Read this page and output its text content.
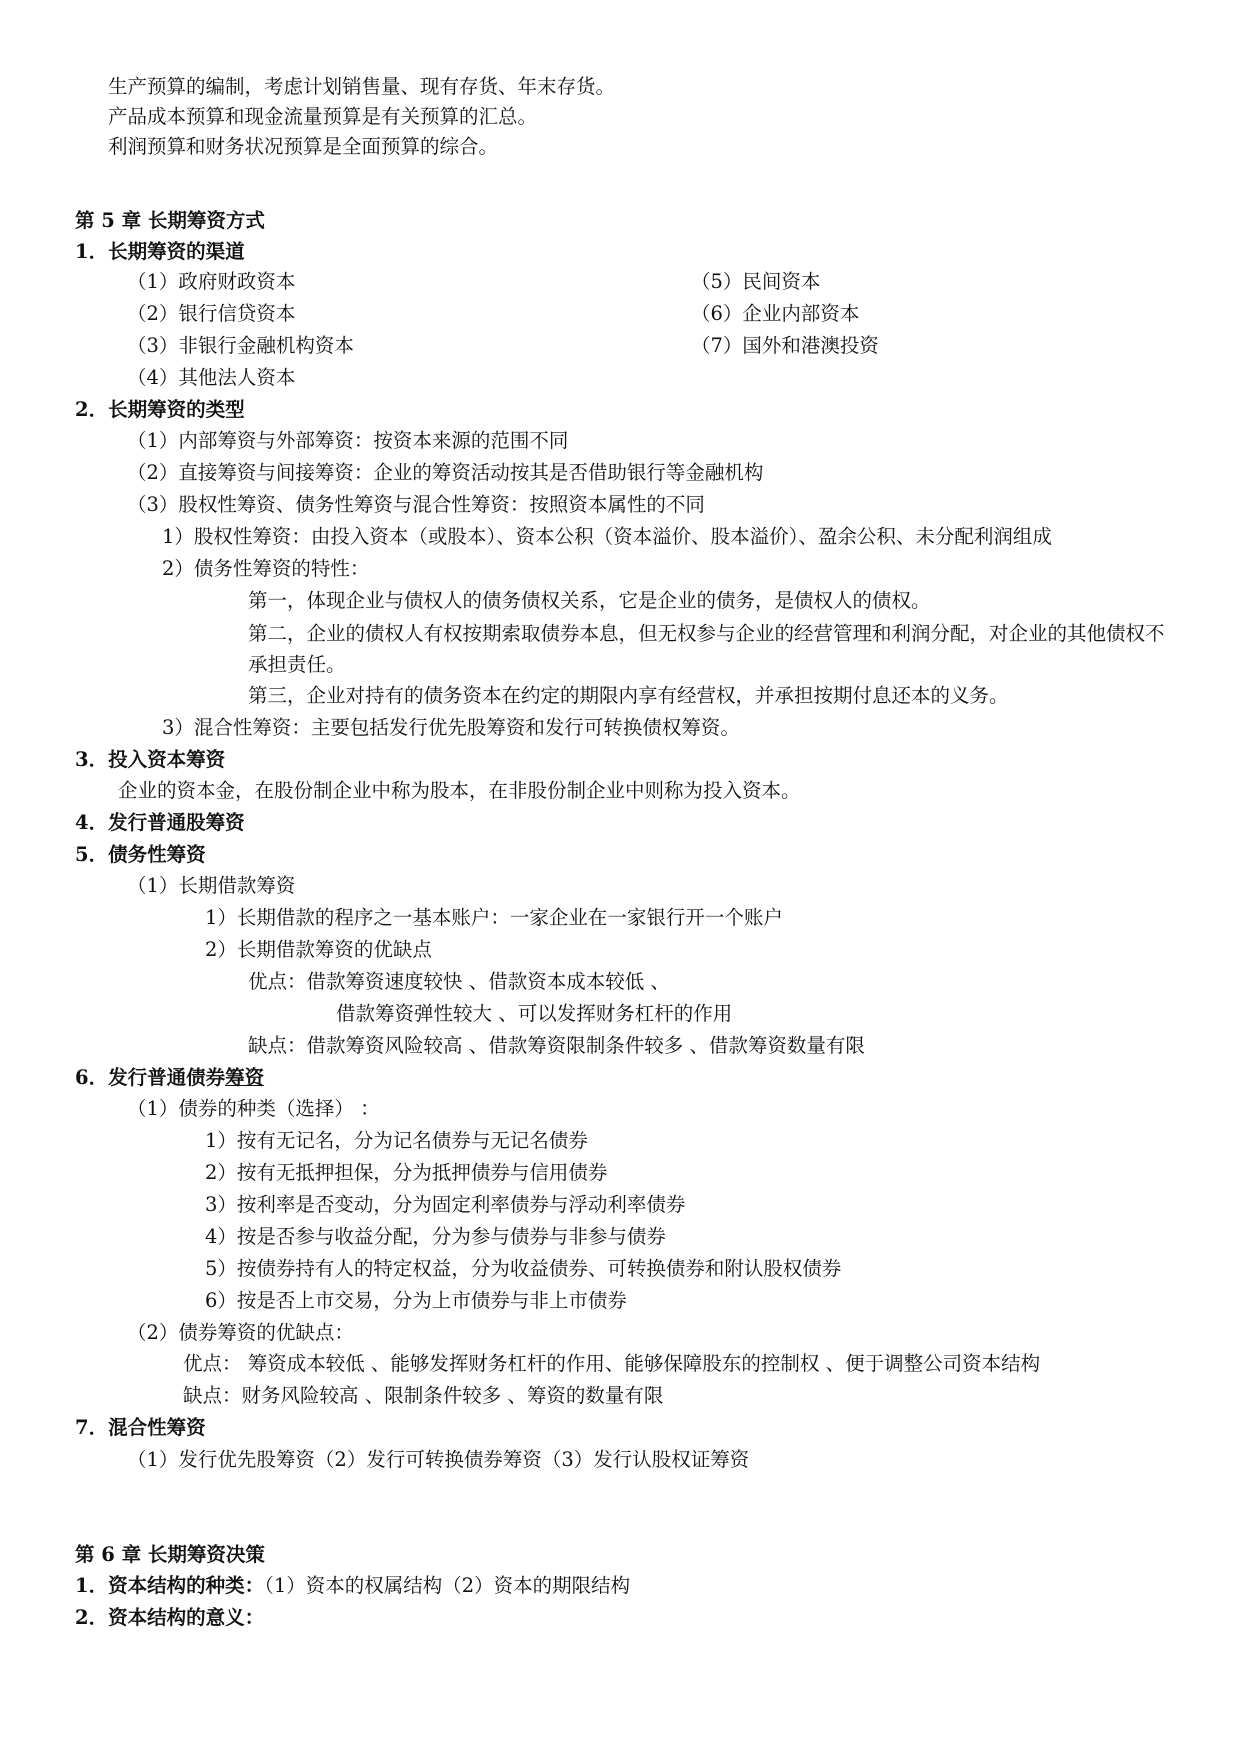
生产预算的编制，考虑计划销售量、现有存货、年末存货。
产品成本预算和现金流量预算是有关预算的汇总。
利润预算和财务状况预算是全面预算的综合。
第 5 章 长期筹资方式
1．长期筹资的渠道
（1）政府财政资本	（5）民间资本
（2）银行信贷资本	（6）企业内部资本
（3）非银行金融机构资本	（7）国外和港澳投资
（4）其他法人资本
2．长期筹资的类型
（1）内部筹资与外部筹资：按资本来源的范围不同
（2）直接筹资与间接筹资：企业的筹资活动按其是否借助银行等金融机构
（3）股权性筹资、债务性筹资与混合性筹资：按照资本属性的不同
1）股权性筹资：由投入资本（或股本）、资本公积（资本溢价、股本溢价）、盈余公积、未分配利润组成
2）债务性筹资的特性：
第一，体现企业与债权人的债务债权关系，它是企业的债务，是债权人的债权。
第二，企业的债权人有权按期索取债券本息，但无权参与企业的经营管理和利润分配，对企业的其他债权不承担责任。
第三，企业对持有的债务资本在约定的期限内享有经营权，并承担按期付息还本的义务。
3）混合性筹资：主要包括发行优先股筹资和发行可转换债权筹资。
3．投入资本筹资
企业的资本金，在股份制企业中称为股本，在非股份制企业中则称为投入资本。
4．发行普通股筹资
5．债务性筹资
（1）长期借款筹资
1）长期借款的程序之一基本账户：一家企业在一家银行开一个账户
2）长期借款筹资的优缺点
优点：借款筹资速度较快 、借款资本成本较低 、
借款筹资弹性较大 、可以发挥财务杠杆的作用
缺点：借款筹资风险较高 、借款筹资限制条件较多 、借款筹资数量有限
6．发行普通债券筹资
（1）债券的种类（选择） ：
1）按有无记名，分为记名债券与无记名债券
2）按有无抵押担保，分为抵押债券与信用债券
3）按利率是否变动，分为固定利率债券与浮动利率债券
4）按是否参与收益分配，分为参与债券与非参与债券
5）按债券持有人的特定权益，分为收益债券、可转换债券和附认股权债券
6）按是否上市交易，分为上市债券与非上市债券
（2）债券筹资的优缺点：
优点： 筹资成本较低 、能够发挥财务杠杆的作用、能够保障股东的控制权 、便于调整公司资本结构
缺点：财务风险较高 、限制条件较多 、筹资的数量有限
7．混合性筹资
（1）发行优先股筹资（2）发行可转换债券筹资（3）发行认股权证筹资
第 6 章 长期筹资决策
1．资本结构的种类：（1）资本的权属结构（2）资本的期限结构
2．资本结构的意义：
